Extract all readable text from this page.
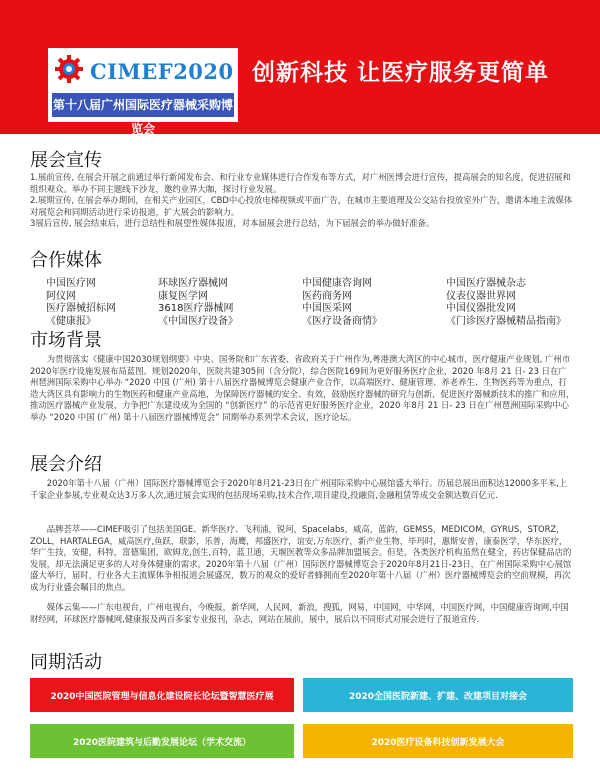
CIMEF2020
第十八届广州国际医疗器械采购博览会
创新科技 让医疗服务更简单
展会宣传

1.展前宣传, 在展会开展之前通过举行新闻发布会、和行业专业媒体进行合作发布等方式，对广州医博会进行宣传，提高展会的知名度，促进招展和组织观众。举办不同主题线下沙龙，邀约业界大咖，探讨行业发展。

2.展期宣传, 在展会举办期间，在相关产业园区，CBD中心投放电梯视频或平面广告，在城市主要道理及公交站台投放室外广告，邀请本地主流媒体对展览会和同期活动进行采访报道，扩大展会的影响力。

3展后宣传, 展会结束后，进行总结性和展望性媒体报道，对本届展会进行总结，为下届展会的举办做好准备。

合作媒体
中国医疗网	环球医疗器械网	中国健康咨询网	中国医疗器械杂志
阿仪网	康复医学网	医药商务网	仪表仪器世界网
医疗器械招标网	3618医疗器械网	中国医采网	中国仪器批发网
《健康报》	《中国医疗设备》	《医疗设备商情》	《门诊医疗器械精品指南》
市场背景

为贯彻落实《健康中国2030规划纲要》中央、国务院和广东省委、省政府关于广州作为,粤港澳大湾区的中心城市，医疗健康产业规划, 广州市2020年医疗设施发展布局蓝图。规划2020年，医院共建305间（含分院），综合医院169间为更好服务医疗企业，2020 年8月 21 日- 23 日在广州琶洲国际采购中心举办 “2020 中国 (广州) 第十八届医疗器械博览会健康产业合作，以高端医疗、健康管理、养老养生、生物医药等为重点，打造大湾区具有影响力的生物医药和健康产业高地，为保障医疗器械的安全、有效，鼓励医疗器械的研究与创新，促进医疗器械新技术的推广和应用，推动医疗器械产业发展，力争把广东建设成为全国的 “创新医疗” 的示范省更好服务医疗企业，2020 年8月 21 日- 23 日在广州琶洲国际采购中心举办 “2020 中国 (广州) 第十八届医疗器械博览会” 同期举办系列学术会议，医疗论坛。

展会介绍

2020年第十八届（广州）国际医疗器械博览会于2020年8月21-23日在广州国际采购中心展馆盛大举行。历届总展出面积达12000多平米,上千家企业参展,专业观众达3万多人次,通过展会实现的包括现场采购,技术合作,项目建设,投融资,金融租赁等成交金额达数百亿元.

品牌荟萃——CIMEF吸引了包括美国GE、新华医疗、飞利浦，锐珂，Spacelabs，威高，蓝韵，GEMSS，MEDICOM，GYRUS，STORZ，ZOLL，HARTALEGA，威高医疗,鱼跃，联影，乐普，海鹰，邦盛医疗，谊安,万东医疗，新产业生物，毕玛时，惠斯安普，康泰医学，华东医疗，华广生技，安健，科特，富德集团，欧姆龙,创生,百特，蓝卫通，天堰医教等众多品牌加盟展会。但是，各类医疗机构虽然在健全，药店保健品店的发展，却无法满足更多的人对身体健康的需求。2020年第十八届（广州）国际医疗器械博览会于2020年8月21日-23日，在广州国际采购中心展馆盛大举行，届时，行业各大主流媒体争相报道会展盛况，数万的观众的爱好者蜂拥而至2020年第十八届（广州）医疗器械博览会的空前规模，再次成为行业盛会瞩目的焦点。

媒体云集——广东电视台，广州电视台，今晚报，新华网，人民网，新浪，搜狐，网易，中国网，中华网，中国医疗网，中国健康咨询网,中国财经网，环球医疗器械网,健康报及两百多家专业报刊，杂志，网站在展前，展中，展后以不同形式对展会进行了报道宣传.

同期活动
2020中国医院管理与信息化建设院长论坛暨智慧医疗展	2020全国医院新建、扩建、改建项目对接会
2020医院建筑与后勤发展论坛（学术交流）	2020医疗设备科技创新发展大会
